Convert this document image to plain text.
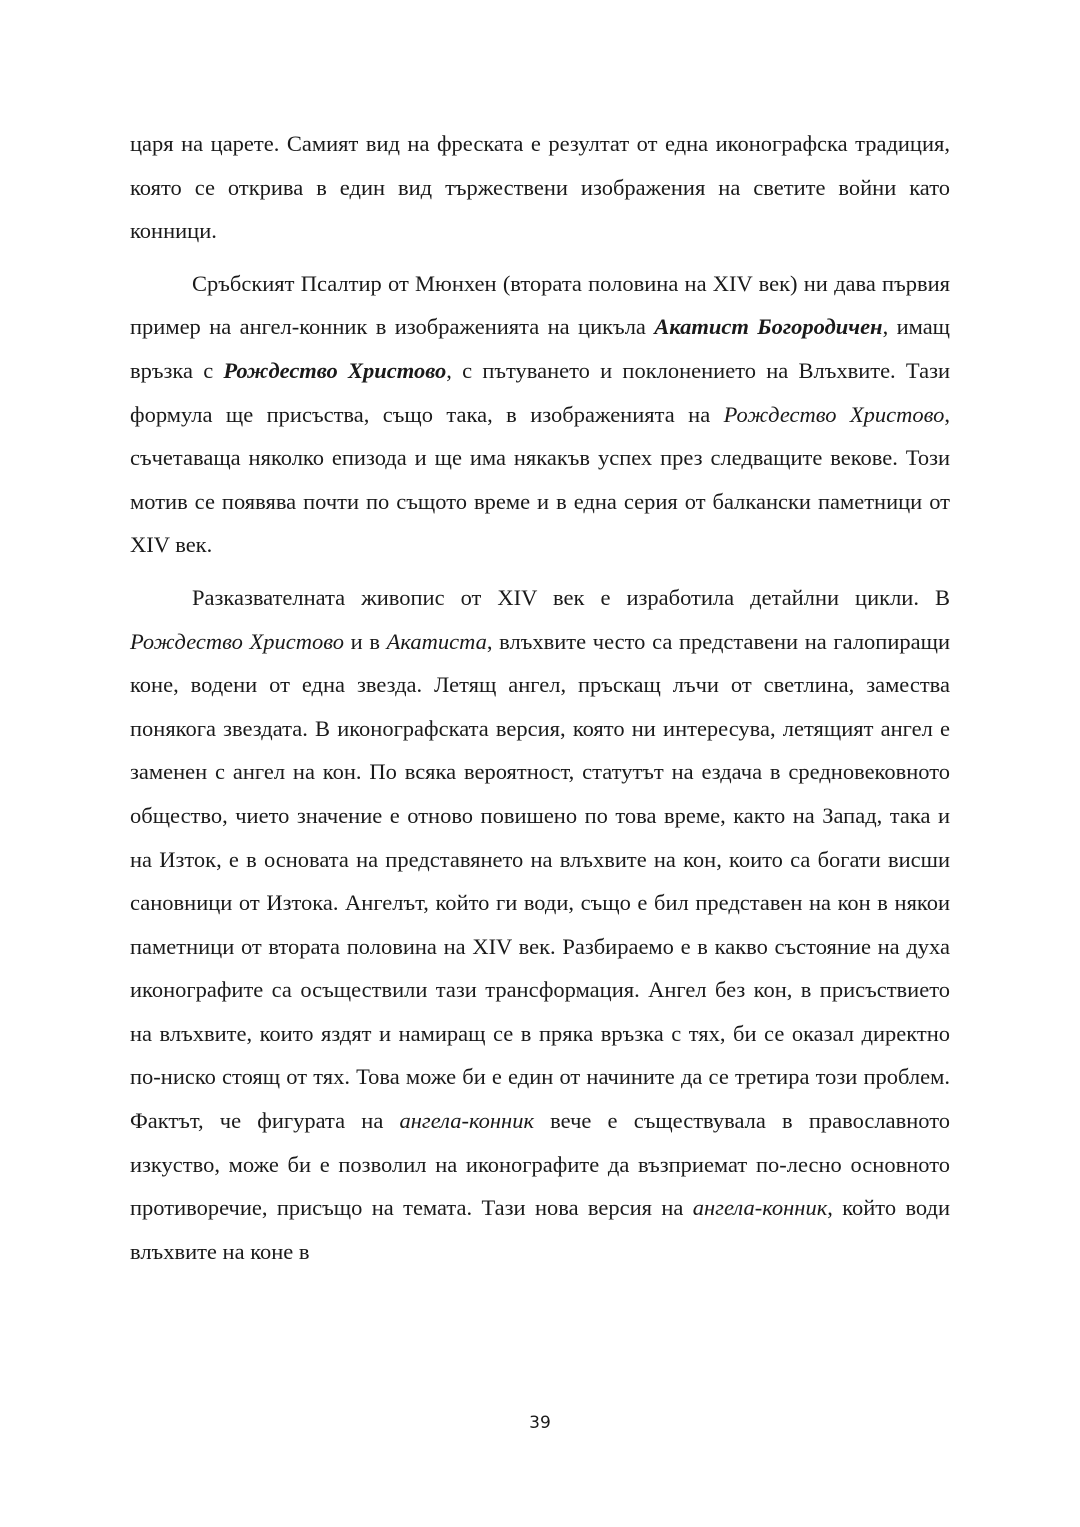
царя на царете. Самият вид на фреската е резултат от една иконографска традиция, която се открива в един вид тържествени изображения на светите войни като конници.

Сръбският Псалтир от Мюнхен (втората половина на XIV век) ни дава първия пример на ангел-конник в изображенията на цикъла Акатист Богородичен, имащ връзка с Рождество Христово, с пътуването и поклонението на Влъхвите. Тази формула ще присъства, също така, в изображенията на Рождество Христово, съчетаваща няколко епизода и ще има някакъв успех през следващите векове. Този мотив се появява почти по същото време и в една серия от балкански паметници от XIV век.

Разказвателната живопис от XIV век е изработила детайлни цикли. В Рождество Христово и в Акатиста, влъхвите често са представени на галопиращи коне, водени от една звезда. Летящ ангел, пръскащ лъчи от светлина, замества понякога звездата. В иконографската версия, която ни интересува, летящият ангел е заменен с ангел на кон. По всяка вероятност, статутът на ездача в средновековното общество, чието значение е отново повишено по това време, както на Запад, така и на Изток, е в основата на представянето на влъхвите на кон, които са богати висши сановници от Изтока. Ангелът, който ги води, също е бил представен на кон в някои паметници от втората половина на XIV век. Разбираемо е в какво състояние на духа иконографите са осъществили тази трансформация. Ангел без кон, в присъствието на влъхвите, които яздят и намиращ се в пряка връзка с тях, би се оказал директно по-ниско стоящ от тях. Това може би е един от начините да се третира този проблем. Фактът, че фигурата на ангела-конник вече е съществувала в православното изкуство, може би е позволил на иконографите да възприемат по-лесно основното противоречие, присъщо на темата. Тази нова версия на ангела-конник, който води влъхвите на коне в

39
